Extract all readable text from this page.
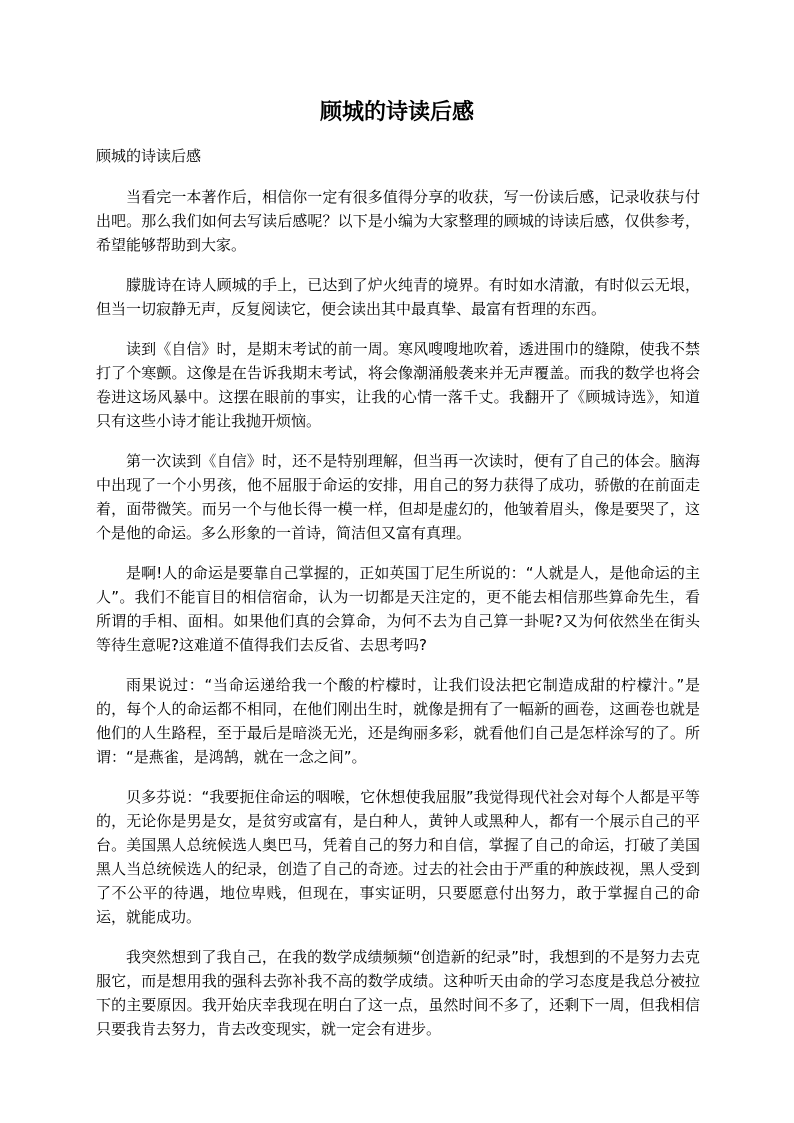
顾城的诗读后感

顾城的诗读后感

当看完一本著作后，相信你一定有很多值得分享的收获，写一份读后感，记录收获与付出吧。那么我们如何去写读后感呢？以下是小编为大家整理的顾城的诗读后感，仅供参考，希望能够帮助到大家。

朦胧诗在诗人顾城的手上，已达到了炉火纯青的境界。有时如水清澈，有时似云无垠，但当一切寂静无声，反复阅读它，便会读出其中最真挚、最富有哲理的东西。

读到《自信》时，是期末考试的前一周。寒风嗖嗖地吹着，透进围巾的缝隙，使我不禁打了个寒颤。这像是在告诉我期末考试，将会像潮涌般袭来并无声覆盖。而我的数学也将会卷进这场风暴中。这摆在眼前的事实，让我的心情一落千丈。我翻开了《顾城诗选》，知道只有这些小诗才能让我抛开烦恼。

第一次读到《自信》时，还不是特别理解，但当再一次读时，便有了自己的体会。脑海中出现了一个小男孩，他不屈服于命运的安排，用自己的努力获得了成功，骄傲的在前面走着，面带微笑。而另一个与他长得一模一样，但却是虚幻的，他皱着眉头，像是要哭了，这个是他的命运。多么形象的一首诗，简洁但又富有真理。

是啊!人的命运是要靠自己掌握的，正如英国丁尼生所说的：“人就是人，是他命运的主人”。我们不能盲目的相信宿命，认为一切都是天注定的，更不能去相信那些算命先生，看所谓的手相、面相。如果他们真的会算命，为何不去为自己算一卦呢?又为何依然坐在街头等待生意呢?这难道不值得我们去反省、去思考吗?

雨果说过：“当命运递给我一个酸的柠檬时，让我们设法把它制造成甜的柠檬汁。”是的，每个人的命运都不相同，在他们刚出生时，就像是拥有了一幅新的画卷，这画卷也就是他们的人生路程，至于最后是暗淡无光，还是绚丽多彩，就看他们自己是怎样涂写的了。所谓：“是燕雀，是鸿鹄，就在一念之间”。

贝多芬说：“我要扼住命运的咽喉，它休想使我屈服”我觉得现代社会对每个人都是平等的，无论你是男是女，是贫穷或富有，是白种人，黄钟人或黑种人，都有一个展示自己的平台。美国黑人总统候选人奥巴马，凭着自己的努力和自信，掌握了自己的命运，打破了美国黑人当总统候选人的纪录，创造了自己的奇迹。过去的社会由于严重的种族歧视，黑人受到了不公平的待遇，地位卑贱，但现在，事实证明，只要愿意付出努力，敢于掌握自己的命运，就能成功。

我突然想到了我自己，在我的数学成绩频频“创造新的纪录”时，我想到的不是努力去克服它，而是想用我的强科去弥补我不高的数学成绩。这种听天由命的学习态度是我总分被拉下的主要原因。我开始庆幸我现在明白了这一点，虽然时间不多了，还剩下一周，但我相信只要我肯去努力，肯去改变现实，就一定会有进步。
